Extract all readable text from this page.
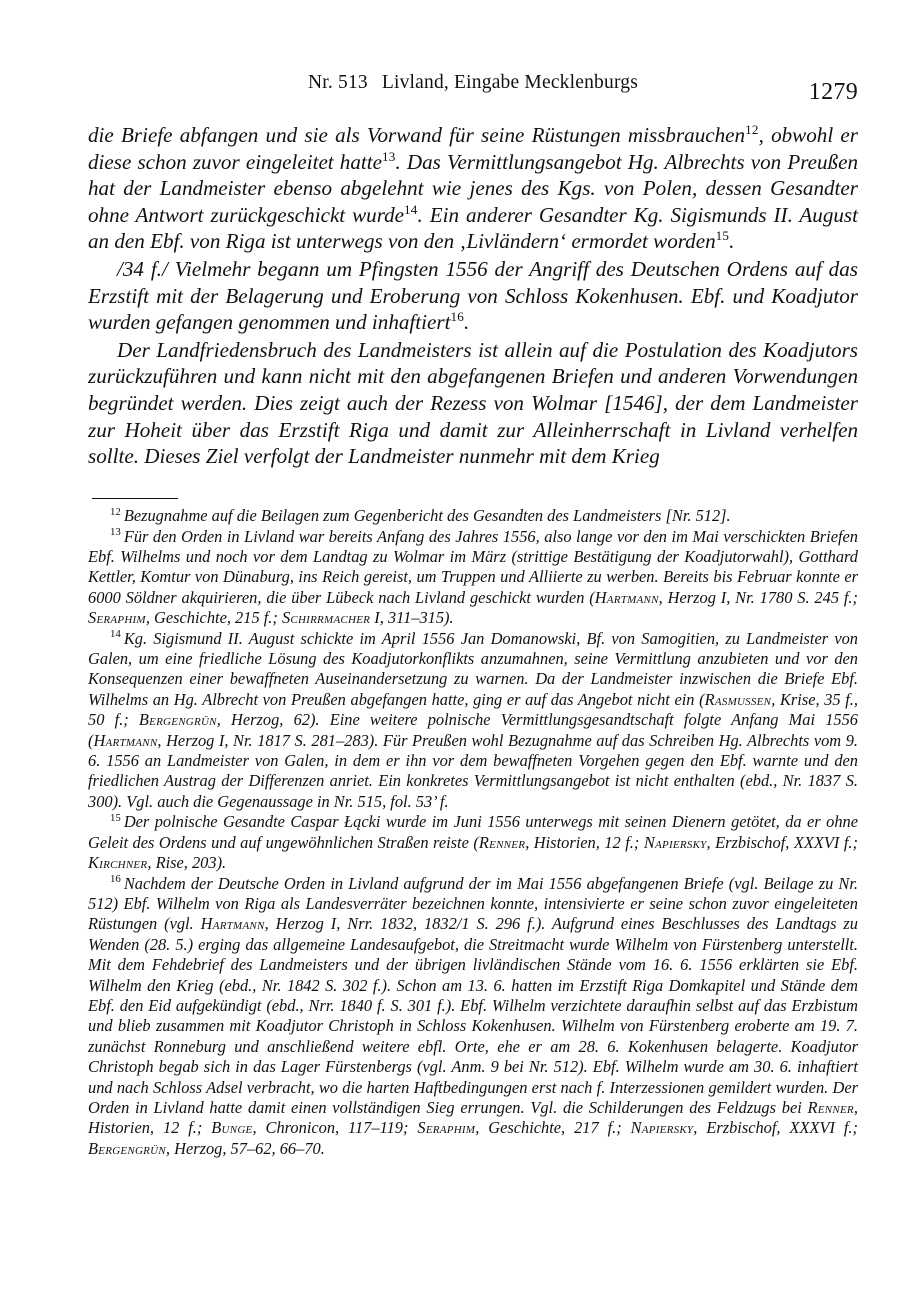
Nr. 513 Livland, Eingabe Mecklenburgs	1279

die Briefe abfangen und sie als Vorwand für seine Rüstungen missbrauchen$^{12}$, obwohl er diese schon zuvor eingeleitet hatte$^{13}$. Das Vermittlungsangebot Hg. Albrechts von Preußen hat der Landmeister ebenso abgelehnt wie jenes des Kgs. von Polen, dessen Gesandter ohne Antwort zurückgeschickt wurde$^{14}$. Ein anderer Gesandter Kg. Sigismunds II. August an den Ebf. von Riga ist unterwegs von den ‚Livländern‘ ermordet worden$^{15}$.

/34 f./ Vielmehr begann um Pfingsten 1556 der Angriff des Deutschen Ordens auf das Erzstift mit der Belagerung und Eroberung von Schloss Kokenhusen. Ebf. und Koadjutor wurden gefangen genommen und inhaftiert$^{16}$.

Der Landfriedensbruch des Landmeisters ist allein auf die Postulation des Koadjutors zurückzuführen und kann nicht mit den abgefangenen Briefen und anderen Vorwendungen begründet werden. Dies zeigt auch der Rezess von Wolmar [1546], der dem Landmeister zur Hoheit über das Erzstift Riga und damit zur Alleinherrschaft in Livland verhelfen sollte. Dieses Ziel verfolgt der Landmeister nunmehr mit dem Krieg

$^{12}$ Bezugnahme auf die Beilagen zum Gegenbericht des Gesandten des Landmeisters [Nr. 512].

$^{13}$ Für den Orden in Livland war bereits Anfang des Jahres 1556, also lange vor den im Mai verschickten Briefen Ebf. Wilhelms und noch vor dem Landtag zu Wolmar im März (strittige Bestätigung der Koadjutorwahl), Gotthard Kettler, Komtur von Dünaburg, ins Reich gereist, um Truppen und Alliierte zu werben. Bereits bis Februar konnte er 6000 Söldner akquirieren, die über Lübeck nach Livland geschickt wurden (Hartmann, Herzog I, Nr. 1780 S. 245 f.; Seraphim, Geschichte, 215 f.; Schirrmacher I, 311–315).

$^{14}$ Kg. Sigismund II. August schickte im April 1556 Jan Domanowski, Bf. von Samogitien, zu Landmeister von Galen, um eine friedliche Lösung des Koadjutorkonflikts anzumahnen, seine Vermittlung anzubieten und vor den Konsequenzen einer bewaffneten Auseinandersetzung zu warnen. Da der Landmeister inzwischen die Briefe Ebf. Wilhelms an Hg. Albrecht von Preußen abgefangen hatte, ging er auf das Angebot nicht ein (Rasmussen, Krise, 35 f., 50 f.; Bergengrün, Herzog, 62). Eine weitere polnische Vermittlungsgesandtschaft folgte Anfang Mai 1556 (Hartmann, Herzog I, Nr. 1817 S. 281–283). Für Preußen wohl Bezugnahme auf das Schreiben Hg. Albrechts vom 9. 6. 1556 an Landmeister von Galen, in dem er ihn vor dem bewaffneten Vorgehen gegen den Ebf. warnte und den friedlichen Austrag der Differenzen anriet. Ein konkretes Vermittlungsangebot ist nicht enthalten (ebd., Nr. 1837 S. 300). Vgl. auch die Gegenaussage in Nr. 515, fol. 53’ f.

$^{15}$ Der polnische Gesandte Caspar Łącki wurde im Juni 1556 unterwegs mit seinen Dienern getötet, da er ohne Geleit des Ordens und auf ungewöhnlichen Straßen reiste (Renner, Historien, 12 f.; Napiersky, Erzbischof, XXXVI f.; Kirchner, Rise, 203).

$^{16}$ Nachdem der Deutsche Orden in Livland aufgrund der im Mai 1556 abgefangenen Briefe (vgl. Beilage zu Nr. 512) Ebf. Wilhelm von Riga als Landesverräter bezeichnen konnte, intensivierte er seine schon zuvor eingeleiteten Rüstungen (vgl. Hartmann, Herzog I, Nrr. 1832, 1832/1 S. 296 f.). Aufgrund eines Beschlusses des Landtags zu Wenden (28. 5.) erging das allgemeine Landesaufgebot, die Streitmacht wurde Wilhelm von Fürstenberg unterstellt. Mit dem Fehdebrief des Landmeisters und der übrigen livländischen Stände vom 16. 6. 1556 erklärten sie Ebf. Wilhelm den Krieg (ebd., Nr. 1842 S. 302 f.). Schon am 13. 6. hatten im Erzstift Riga Domkapitel und Stände dem Ebf. den Eid aufgekündigt (ebd., Nrr. 1840 f. S. 301 f.). Ebf. Wilhelm verzichtete daraufhin selbst auf das Erzbistum und blieb zusammen mit Koadjutor Christoph in Schloss Kokenhusen. Wilhelm von Fürstenberg eroberte am 19. 7. zunächst Ronneburg und anschließend weitere ebfl. Orte, ehe er am 28. 6. Kokenhusen belagerte. Koadjutor Christoph begab sich in das Lager Fürstenbergs (vgl. Anm. 9 bei Nr. 512). Ebf. Wilhelm wurde am 30. 6. inhaftiert und nach Schloss Adsel verbracht, wo die harten Haftbedingungen erst nach f. Interzessionen gemildert wurden. Der Orden in Livland hatte damit einen vollständigen Sieg errungen. Vgl. die Schilderungen des Feldzugs bei Renner, Historien, 12 f.; Bunge, Chronicon, 117–119; Seraphim, Geschichte, 217 f.; Napiersky, Erzbischof, XXXVI f.; Bergengrün, Herzog, 57–62, 66–70.
